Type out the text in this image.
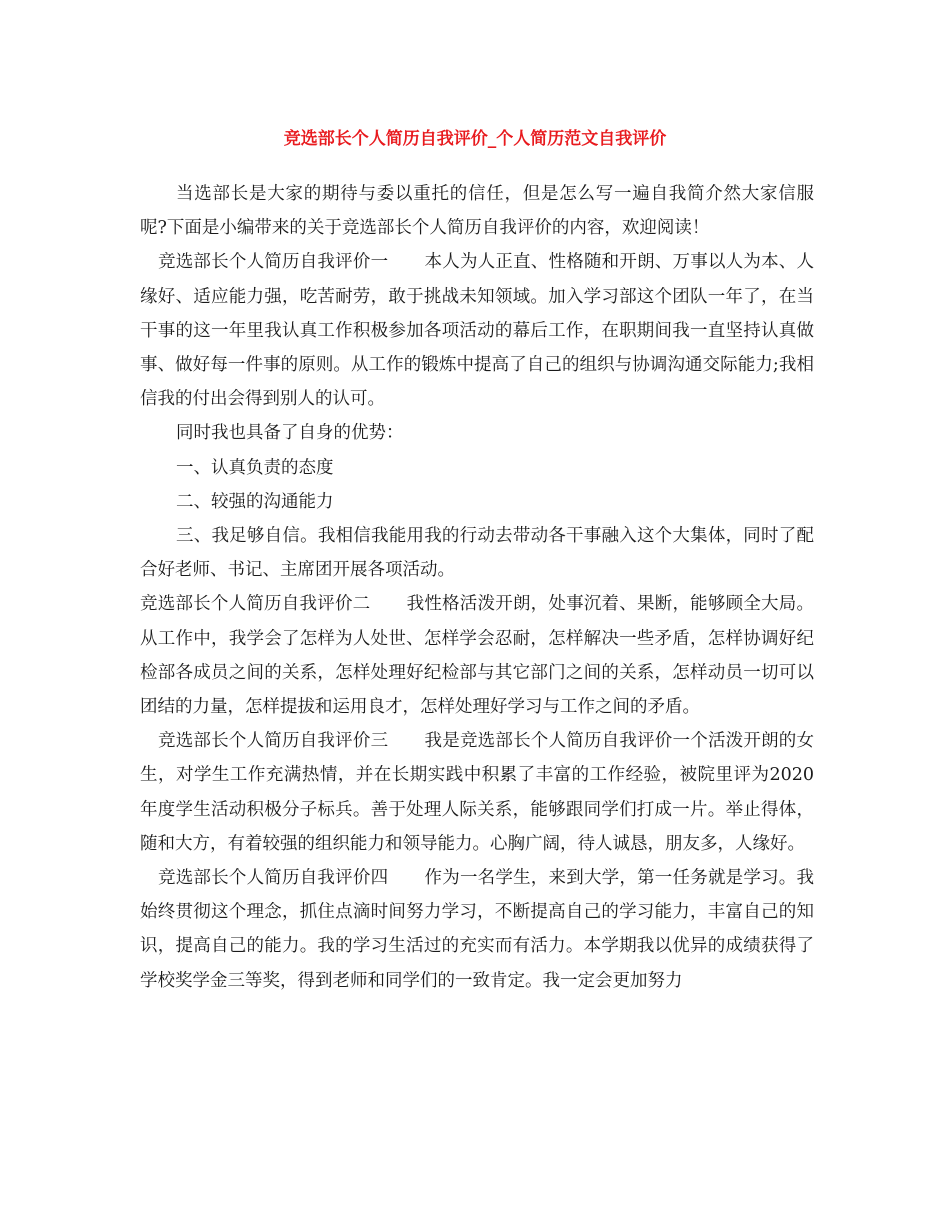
竞选部长个人简历自我评价_个人简历范文自我评价

当选部长是大家的期待与委以重托的信任，但是怎么写一遍自我简介然大家信服呢?下面是小编带来的关于竞选部长个人简历自我评价的内容，欢迎阅读！

竞选部长个人简历自我评价一 本人为人正直、性格随和开朗、万事以人为本、人缘好、适应能力强，吃苦耐劳，敢于挑战未知领域。加入学习部这个团队一年了，在当干事的这一年里我认真工作积极参加各项活动的幕后工作，在职期间我一直坚持认真做事、做好每一件事的原则。从工作的锻炼中提高了自己的组织与协调沟通交际能力;我相信我的付出会得到别人的认可。

同时我也具备了自身的优势：

一、认真负责的态度

二、较强的沟通能力

三、我足够自信。我相信我能用我的行动去带动各干事融入这个大集体，同时了配合好老师、书记、主席团开展各项活动。

竞选部长个人简历自我评价二 我性格活泼开朗，处事沉着、果断，能够顾全大局。从工作中，我学会了怎样为人处世、怎样学会忍耐，怎样解决一些矛盾，怎样协调好纪检部各成员之间的关系，怎样处理好纪检部与其它部门之间的关系，怎样动员一切可以团结的力量，怎样提拔和运用良才，怎样处理好学习与工作之间的矛盾。

竞选部长个人简历自我评价三 我是竞选部长个人简历自我评价一个活泼开朗的女生，对学生工作充满热情，并在长期实践中积累了丰富的工作经验，被院里评为2020年度学生活动积极分子标兵。善于处理人际关系，能够跟同学们打成一片。举止得体，随和大方，有着较强的组织能力和领导能力。心胸广阔，待人诚恳，朋友多，人缘好。

竞选部长个人简历自我评价四 作为一名学生，来到大学，第一任务就是学习。我始终贯彻这个理念，抓住点滴时间努力学习，不断提高自己的学习能力，丰富自己的知识，提高自己的能力。我的学习生活过的充实而有活力。本学期我以优异的成绩获得了学校奖学金三等奖，得到老师和同学们的一致肯定。我一定会更加努力
